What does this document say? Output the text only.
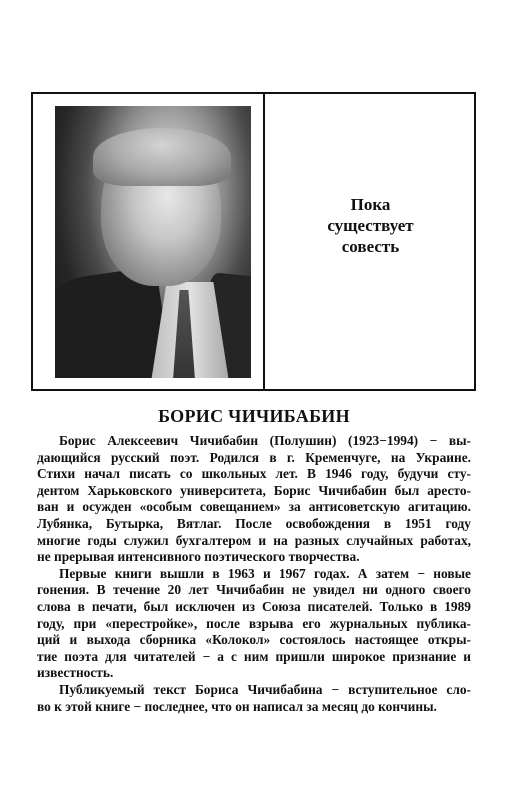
Пока
существует
совесть
БОРИС ЧИЧИБАБИН
Борис Алексеевич Чичибабин (Полушин) (1923−1994) − вы-
дающийся русский поэт. Родился в г. Кременчуге, на Украине.
Стихи начал писать со школьных лет. В 1946 году, будучи сту-
дентом Харьковского университета, Борис Чичибабин был аресто-
ван и осужден «особым совещанием» за антисоветскую агитацию.
Лубянка, Бутырка, Вятлаг. После освобождения в 1951 году
многие годы служил бухгалтером и на разных случайных работах,
не прерывая интенсивного поэтического творчества.
Первые книги вышли в 1963 и 1967 годах. А затем − новые
гонения. В течение 20 лет Чичибабин не увидел ни одного своего
слова в печати, был исключен из Союза писателей. Только в 1989
году, при «перестройке», после взрыва его журнальных публика-
ций и выхода сборника «Колокол» состоялось настоящее откры-
тие поэта для читателей − а с ним пришли широкое признание и
известность.
Публикуемый текст Бориса Чичибабина − вступительное сло-
во к этой книге − последнее, что он написал за месяц до кончины.
